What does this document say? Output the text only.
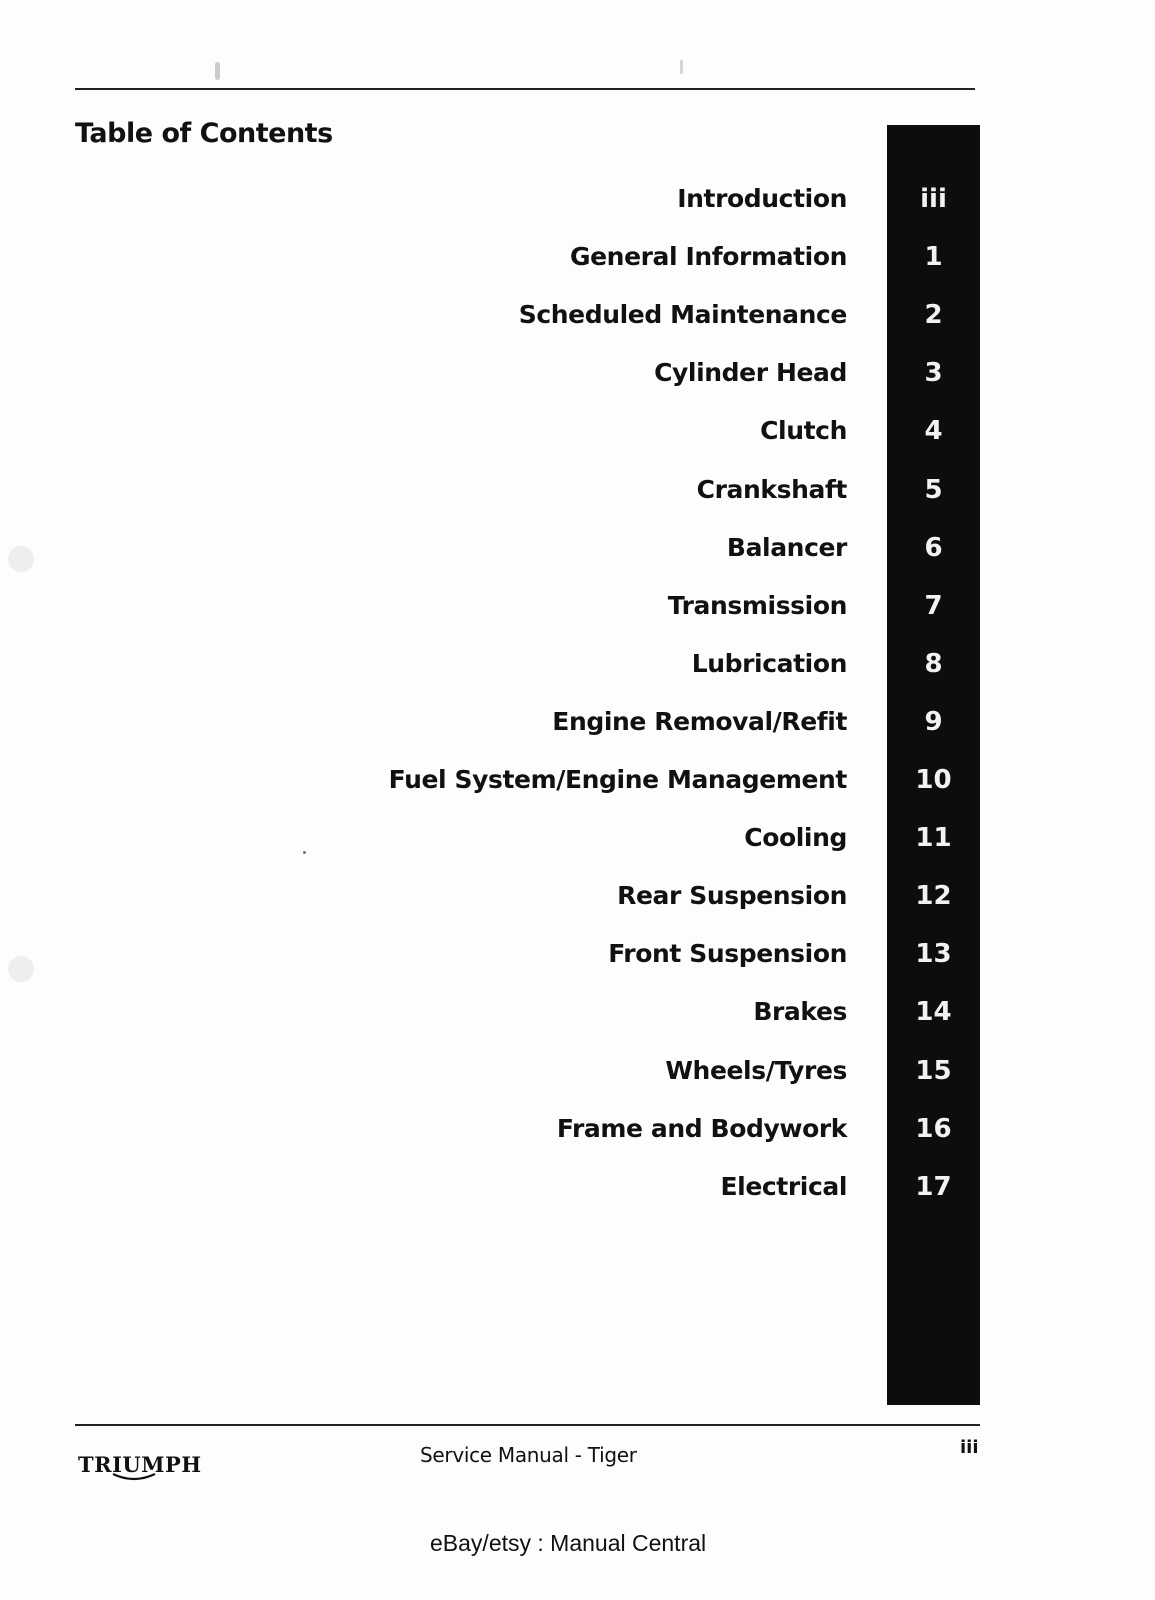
Table of Contents
Introduction	iii
General Information	1
Scheduled Maintenance	2
Cylinder Head	3
Clutch	4
Crankshaft	5
Balancer	6
Transmission	7
Lubrication	8
Engine Removal/Refit	9
Fuel System/Engine Management	10
Cooling	11
Rear Suspension	12
Front Suspension	13
Brakes	14
Wheels/Tyres	15
Frame and Bodywork	16
Electrical	17
TRIUMPH	Service Manual - Tiger	iii
eBay/etsy : Manual Central
